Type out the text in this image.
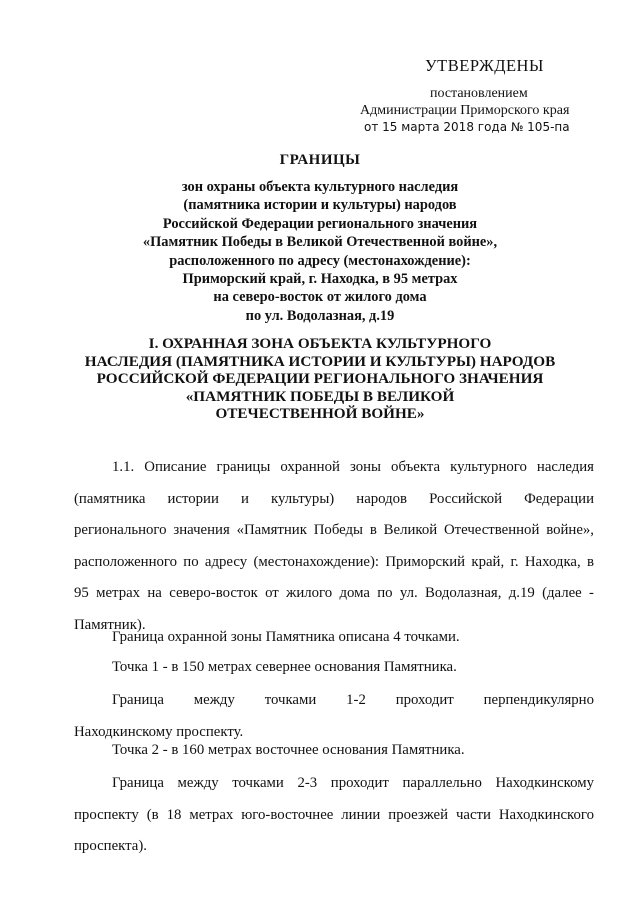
УТВЕРЖДЕНЫ
постановлением
Администрации Приморского края
от 15 марта 2018 года № 105-па
ГРАНИЦЫ
зон охраны объекта культурного наследия
(памятника истории и культуры) народов
Российской Федерации регионального значения
«Памятник Победы в Великой Отечественной войне»,
расположенного по адресу (местонахождение):
Приморский край, г. Находка, в 95 метрах
на северо-восток от жилого дома
по ул. Водолазная, д.19
I. ОХРАННАЯ ЗОНА ОБЪЕКТА КУЛЬТУРНОГО
НАСЛЕДИЯ (ПАМЯТНИКА ИСТОРИИ И КУЛЬТУРЫ) НАРОДОВ
РОССИЙСКОЙ ФЕДЕРАЦИИ РЕГИОНАЛЬНОГО ЗНАЧЕНИЯ
«ПАМЯТНИК ПОБЕДЫ В ВЕЛИКОЙ
ОТЕЧЕСТВЕННОЙ ВОЙНЕ»
1.1. Описание границы охранной зоны объекта культурного наследия
(памятника истории и культуры) народов Российской Федерации
регионального значения «Памятник Победы в Великой Отечественной войне»,
расположенного по адресу (местонахождение): Приморский край, г. Находка, в
95 метрах на северо-восток от жилого дома по ул. Водолазная, д.19 (далее -
Памятник).
Граница охранной зоны Памятника описана 4 точками.
Точка 1 - в 150 метрах севернее основания Памятника.
Граница между точками 1-2 проходит перпендикулярно
Находкинскому проспекту.
Точка 2 - в 160 метрах восточнее основания Памятника.
Граница между точками 2-3 проходит параллельно Находкинскому
проспекту (в 18 метрах юго-восточнее линии проезжей части Находкинского
проспекта).
